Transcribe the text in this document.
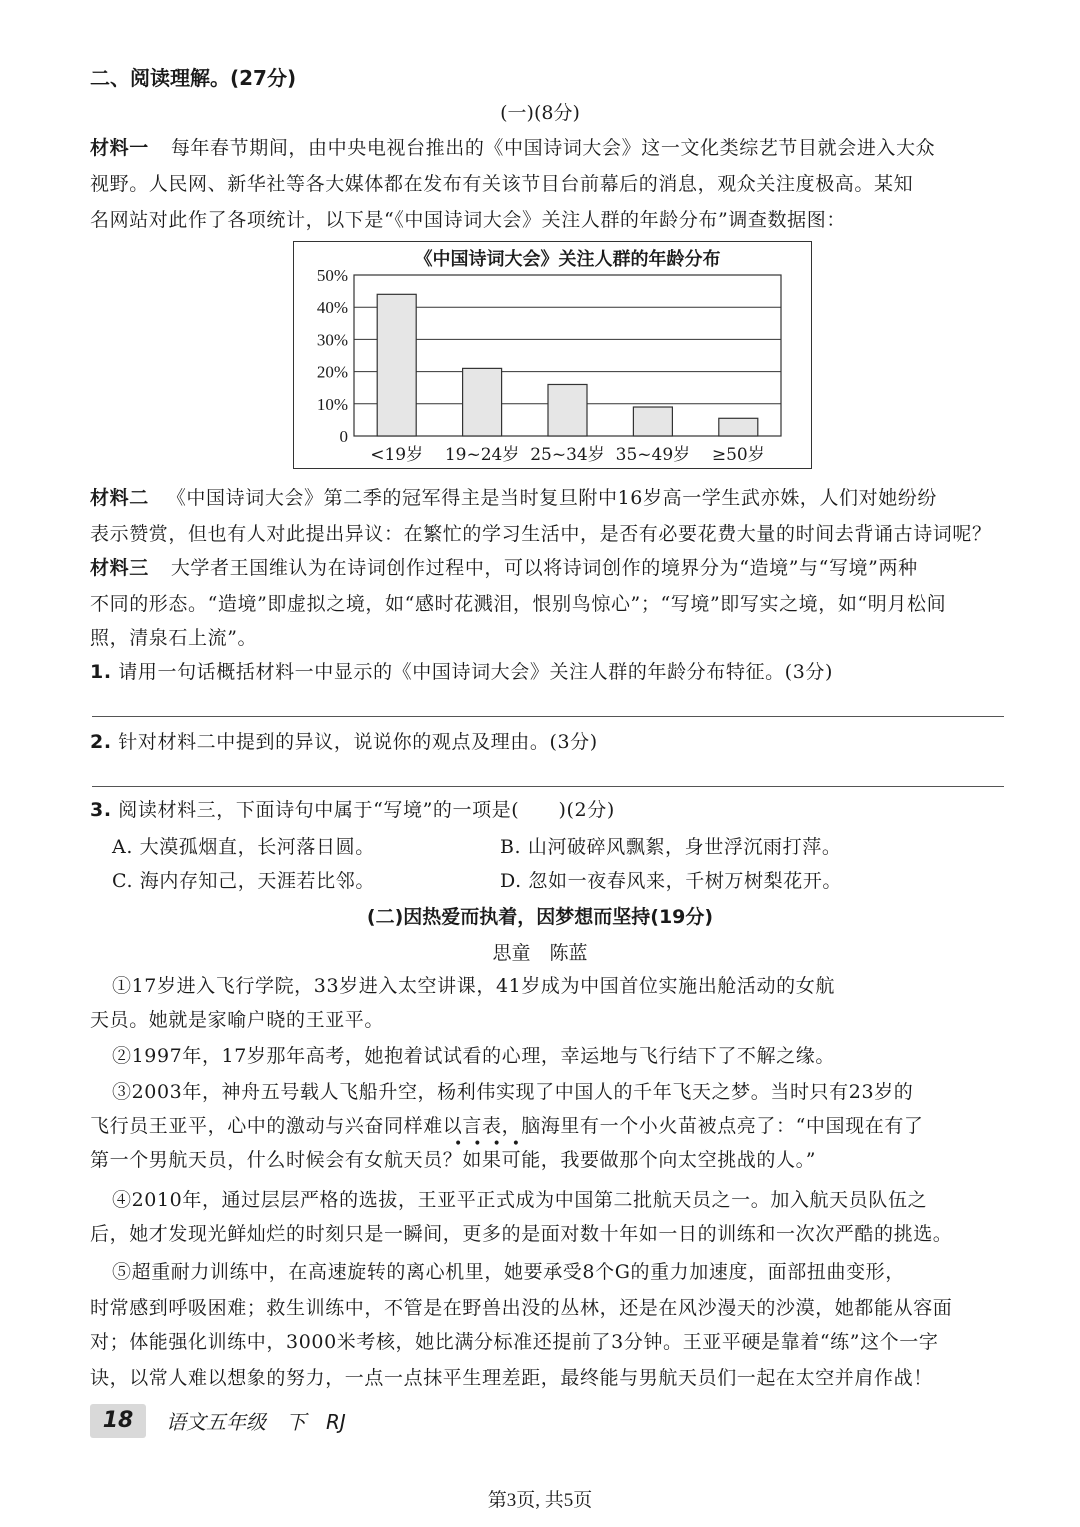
二、阅读理解。(27分)
(一)(8分)
材料一 每年春节期间，由中央电视台推出的《中国诗词大会》这一文化类综艺节目就会进入大众
视野。人民网、新华社等各大媒体都在发布有关该节目台前幕后的消息，观众关注度极高。某知
名网站对此作了各项统计，以下是“《中国诗词大会》关注人群的年龄分布”调查数据图：
《中国诗词大会》关注人群的年龄分布
0
10%
20%
30%
40%
50%
<19岁 19~24岁 25~34岁 35~49岁 ≥50岁
材料二 《中国诗词大会》第二季的冠军得主是当时复旦附中16岁高一学生武亦姝，人们对她纷纷
表示赞赏，但也有人对此提出异议：在繁忙的学习生活中，是否有必要花费大量的时间去背诵古诗词呢？
材料三 大学者王国维认为在诗词创作过程中，可以将诗词创作的境界分为“造境”与“写境”两种
不同的形态。“造境”即虚拟之境，如“感时花溅泪，恨别鸟惊心”；“写境”即写实之境，如“明月松间
照，清泉石上流”。
1. 请用一句话概括材料一中显示的《中国诗词大会》关注人群的年龄分布特征。(3分)
2. 针对材料二中提到的异议，说说你的观点及理由。(3分)
3. 阅读材料三，下面诗句中属于“写境”的一项是(　　)(2分)
A. 大漠孤烟直，长河落日圆。	B. 山河破碎风飘絮，身世浮沉雨打萍。
C. 海内存知己，天涯若比邻。	D. 忽如一夜春风来，千树万树梨花开。
(二)因热爱而执着，因梦想而坚持(19分)
思童　陈蓝
①17岁进入飞行学院，33岁进入太空讲课，41岁成为中国首位实施出舱活动的女航
天员。她就是家喻户晓的王亚平。
②1997年，17岁那年高考，她抱着试试看的心理，幸运地与飞行结下了不解之缘。
③2003年，神舟五号载人飞船升空，杨利伟实现了中国人的千年飞天之梦。当时只有23岁的
飞行员王亚平，心中的激动与兴奋同样难以言表，脑海里有一个小火苗被点亮了：“中国现在有了
••••
第一个男航天员，什么时候会有女航天员？如果可能，我要做那个向太空挑战的人。”
④2010年，通过层层严格的选拔，王亚平正式成为中国第二批航天员之一。加入航天员队伍之
后，她才发现光鲜灿烂的时刻只是一瞬间，更多的是面对数十年如一日的训练和一次次严酷的挑选。
⑤超重耐力训练中，在高速旋转的离心机里，她要承受8个G的重力加速度，面部扭曲变形，
时常感到呼吸困难；救生训练中，不管是在野兽出没的丛林，还是在风沙漫天的沙漠，她都能从容面
对；体能强化训练中，3000米考核，她比满分标准还提前了3分钟。王亚平硬是靠着“练”这个一字
诀，以常人难以想象的努力，一点一点抹平生理差距，最终能与男航天员们一起在太空并肩作战！
18	语文五年级　下　RJ
第3页, 共5页
